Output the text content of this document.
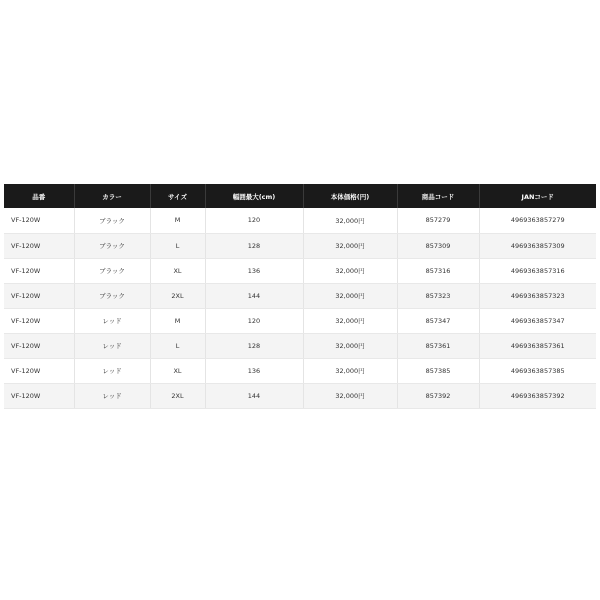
品番	カラー	サイズ	幅囲最大(cm)	本体価格(円)	商品コード	JANコード
VF-120W	ブラック	M	120	32,000円	857279	4969363857279
VF-120W	ブラック	L	128	32,000円	857309	4969363857309
VF-120W	ブラック	XL	136	32,000円	857316	4969363857316
VF-120W	ブラック	2XL	144	32,000円	857323	4969363857323
VF-120W	レッド	M	120	32,000円	857347	4969363857347
VF-120W	レッド	L	128	32,000円	857361	4969363857361
VF-120W	レッド	XL	136	32,000円	857385	4969363857385
VF-120W	レッド	2XL	144	32,000円	857392	4969363857392
